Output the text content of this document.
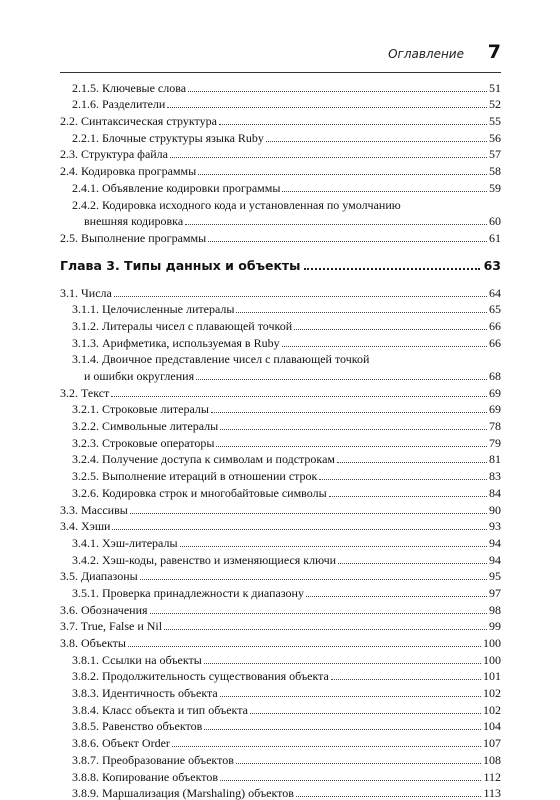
Оглавление 7
2.1.5. Ключевые слова	51
2.1.6. Разделители	52
2.2. Синтаксическая структура	55
2.2.1. Блочные структуры языка Ruby	56
2.3. Структура файла	57
2.4. Кодировка программы	58
2.4.1. Объявление кодировки программы	59
2.4.2. Кодировка исходного кода и установленная по умолчанию
внешняя кодировка	60
2.5. Выполнение программы	61
Глава 3. Типы данных и объекты	63
3.1. Числа	64
3.1.1. Целочисленные литералы	65
3.1.2. Литералы чисел с плавающей точкой	66
3.1.3. Арифметика, используемая в Ruby	66
3.1.4. Двоичное представление чисел с плавающей точкой
и ошибки округления	68
3.2. Текст	69
3.2.1. Строковые литералы	69
3.2.2. Символьные литералы	78
3.2.3. Строковые операторы	79
3.2.4. Получение доступа к символам и подстрокам	81
3.2.5. Выполнение итераций в отношении строк	83
3.2.6. Кодировка строк и многобайтовые символы	84
3.3. Массивы	90
3.4. Хэши	93
3.4.1. Хэш-литералы	94
3.4.2. Хэш-коды, равенство и изменяющиеся ключи	94
3.5. Диапазоны	95
3.5.1. Проверка принадлежности к диапазону	97
3.6. Обозначения	98
3.7. True, False и Nil	99
3.8. Объекты	100
3.8.1. Ссылки на объекты	100
3.8.2. Продолжительность существования объекта	101
3.8.3. Идентичность объекта	102
3.8.4. Класс объекта и тип объекта	102
3.8.5. Равенство объектов	104
3.8.6. Объект Order	107
3.8.7. Преобразование объектов	108
3.8.8. Копирование объектов	112
3.8.9. Маршализация (Marshaling) объектов	113
